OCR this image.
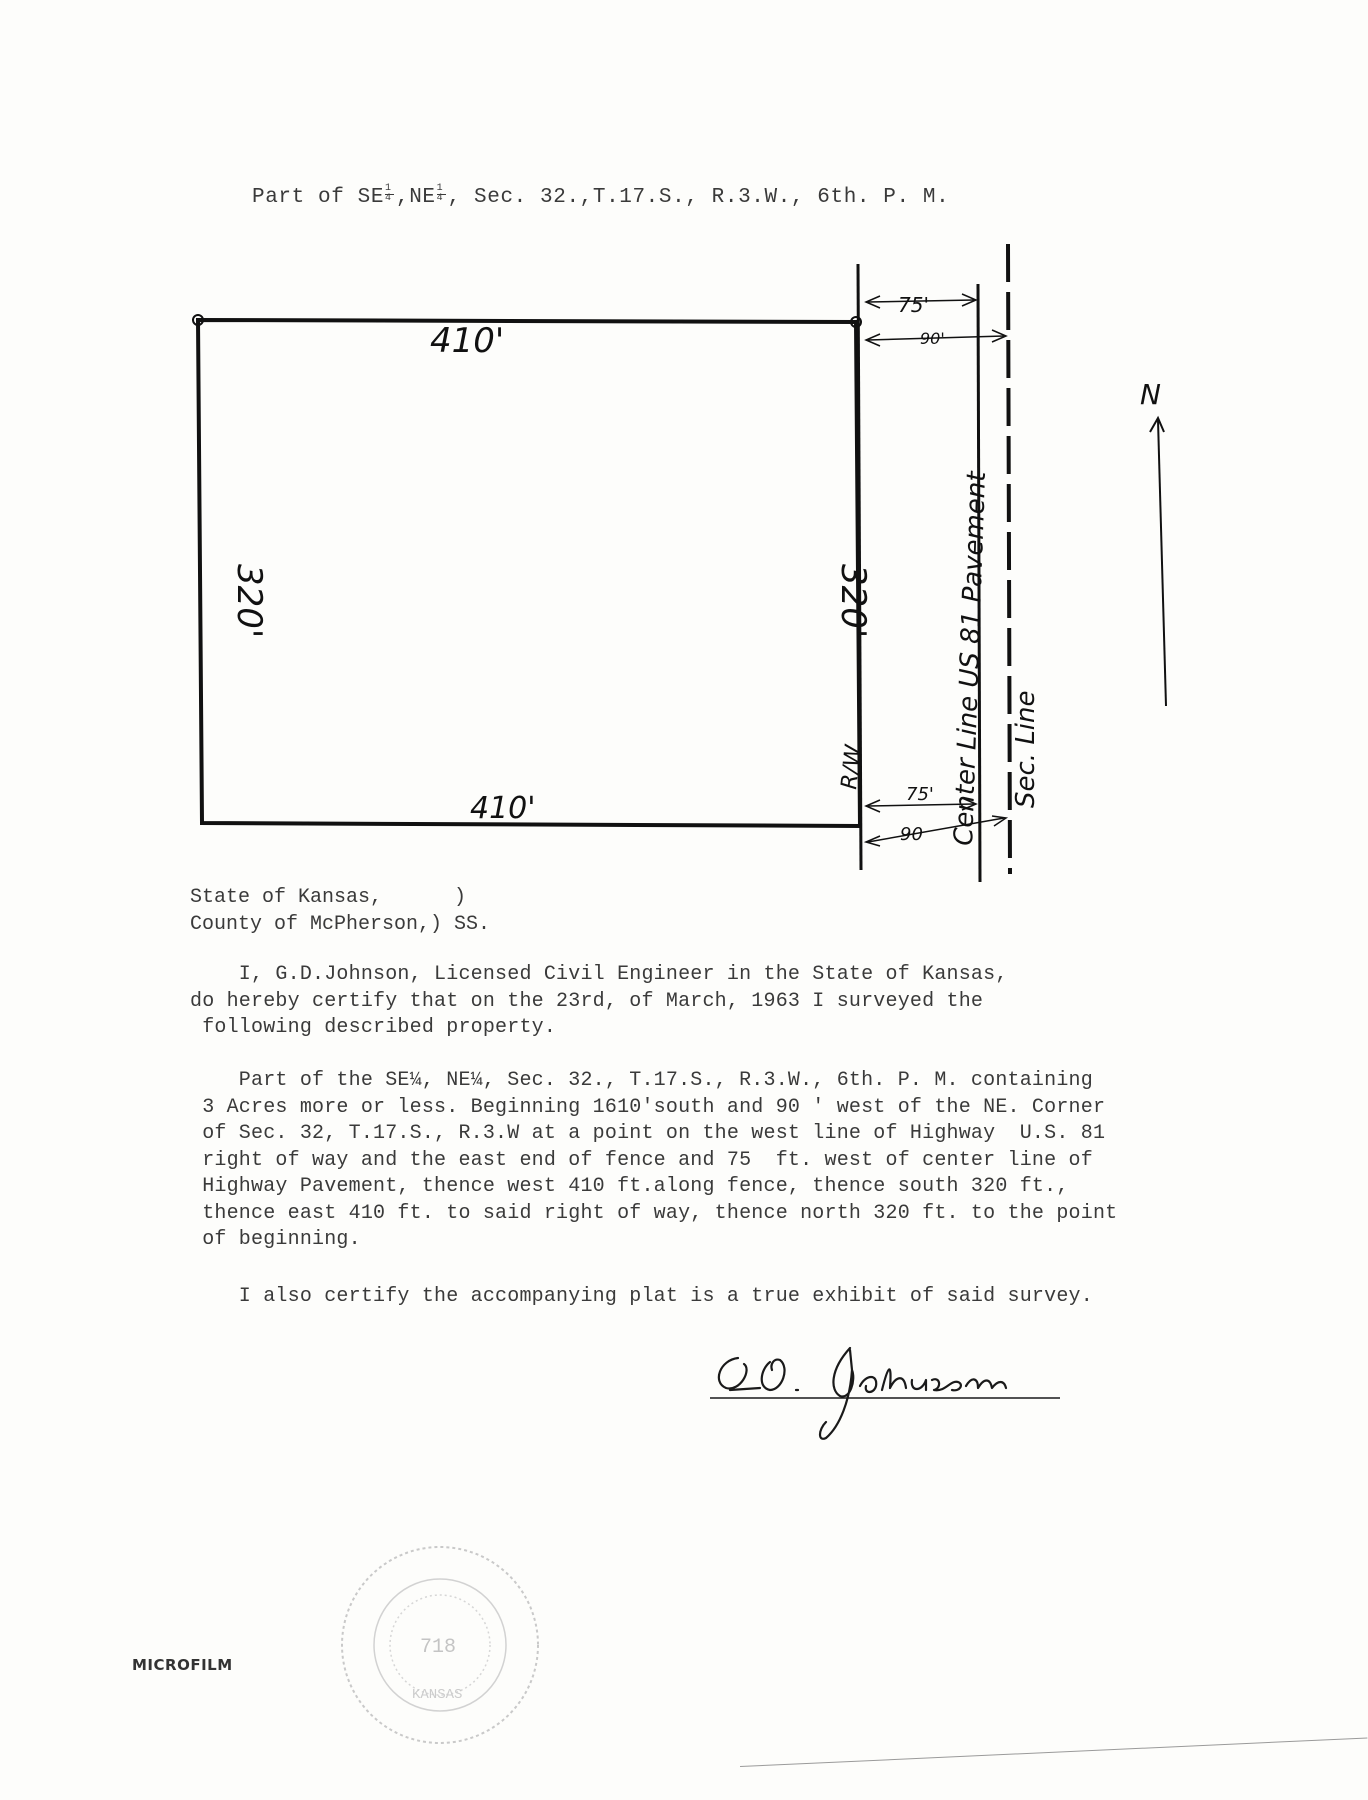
Part of SE $\frac{1}{4} ,NE \frac{1}{4}$ , Sec. 32.,T.17.S., R.3.W., 6th. P. M.
410'
410'
320'	320'
75'
90'
75'
90
R/W	Center Line US 81 Pavement Sec. Line
N
State of Kansas,      )
County of McPherson,) SS.
I, G.D.Johnson, Licensed Civil Engineer in the State of Kansas,
do hereby certify that on the 23rd, of March, 1963 I surveyed the
following described property.
Part of the SE¼, NE¼, Sec. 32., T.17.S., R.3.W., 6th. P. M. containing
3 Acres more or less. Beginning 1610'south and 90 ' west of the NE. Corner
of Sec. 32, T.17.S., R.3.W at a point on the west line of Highway  U.S. 81
right of way and the east end of fence and 75  ft. west of center line of
Highway Pavement, thence west 410 ft.along fence, thence south 320 ft.,
thence east 410 ft. to said right of way, thence north 320 ft. to the point
of beginning.
I also certify the accompanying plat is a true exhibit of said survey.
718
KANSAS
MICROFILM
